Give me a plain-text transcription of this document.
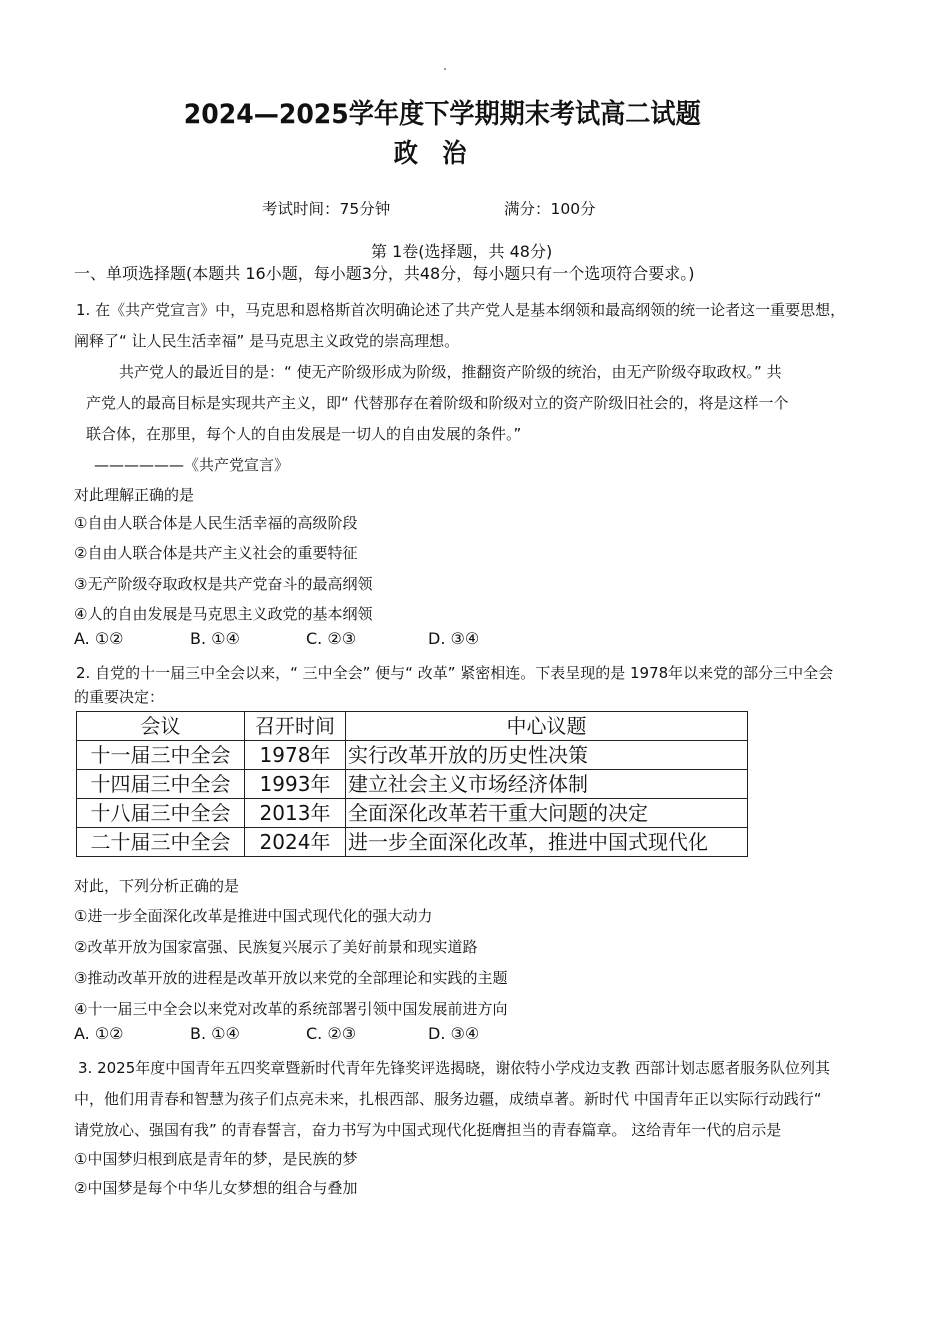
2024—2025学年度下学期期末考试高二试题
政治
考试时间：75分钟	满分：100分
第 1卷(选择题，共 48分)
一、单项选择题(本题共 16小题，每小题3分，共48分，每小题只有一个选项符合要求。)
1. 在《共产党宣言》中，马克思和恩格斯首次明确论述了共产党人是基本纲领和最高纲领的统一论者这一重要思想，
阐释了“ 让人民生活幸福” 是马克思主义政党的崇高理想。
共产党人的最近目的是：“ 使无产阶级形成为阶级，推翻资产阶级的统治，由无产阶级夺取政权。” 共
产党人的最高目标是实现共产主义，即“ 代替那存在着阶级和阶级对立的资产阶级旧社会的，将是这样一个
联合体，在那里，每个人的自由发展是一切人的自由发展的条件。”
——————《共产党宣言》
对此理解正确的是
①自由人联合体是人民生活幸福的高级阶段
②自由人联合体是共产主义社会的重要特征
③无产阶级夺取政权是共产党奋斗的最高纲领
④人的自由发展是马克思主义政党的基本纲领
A. ①②	B. ①④	C. ②③	D. ③④
2. 自党的十一届三中全会以来，“ 三中全会” 便与“ 改革” 紧密相连。下表呈现的是 1978年以来党的部分三中全会
的重要决定：
会议	召开时间	中心议题
十一届三中全会	1978年	实行改革开放的历史性决策
十四届三中全会	1993年	建立社会主义市场经济体制
十八届三中全会	2013年	全面深化改革若干重大问题的决定
二十届三中全会	2024年	进一步全面深化改革，推进中国式现代化
对此，下列分析正确的是
①进一步全面深化改革是推进中国式现代化的强大动力
②改革开放为国家富强、民族复兴展示了美好前景和现实道路
③推动改革开放的进程是改革开放以来党的全部理论和实践的主题
④十一届三中全会以来党对改革的系统部署引领中国发展前进方向
A. ①②	B. ①④	C. ②③	D. ③④
3. 2025年度中国青年五四奖章暨新时代青年先锋奖评选揭晓，谢依特小学戍边支教 西部计划志愿者服务队位列其
中，他们用青春和智慧为孩子们点亮未来，扎根西部、服务边疆，成绩卓著。新时代 中国青年正以实际行动践行“
请党放心、强国有我” 的青春誓言，奋力书写为中国式现代化挺膺担当的青春篇章。 这给青年一代的启示是
①中国梦归根到底是青年的梦，是民族的梦
②中国梦是每个中华儿女梦想的组合与叠加
